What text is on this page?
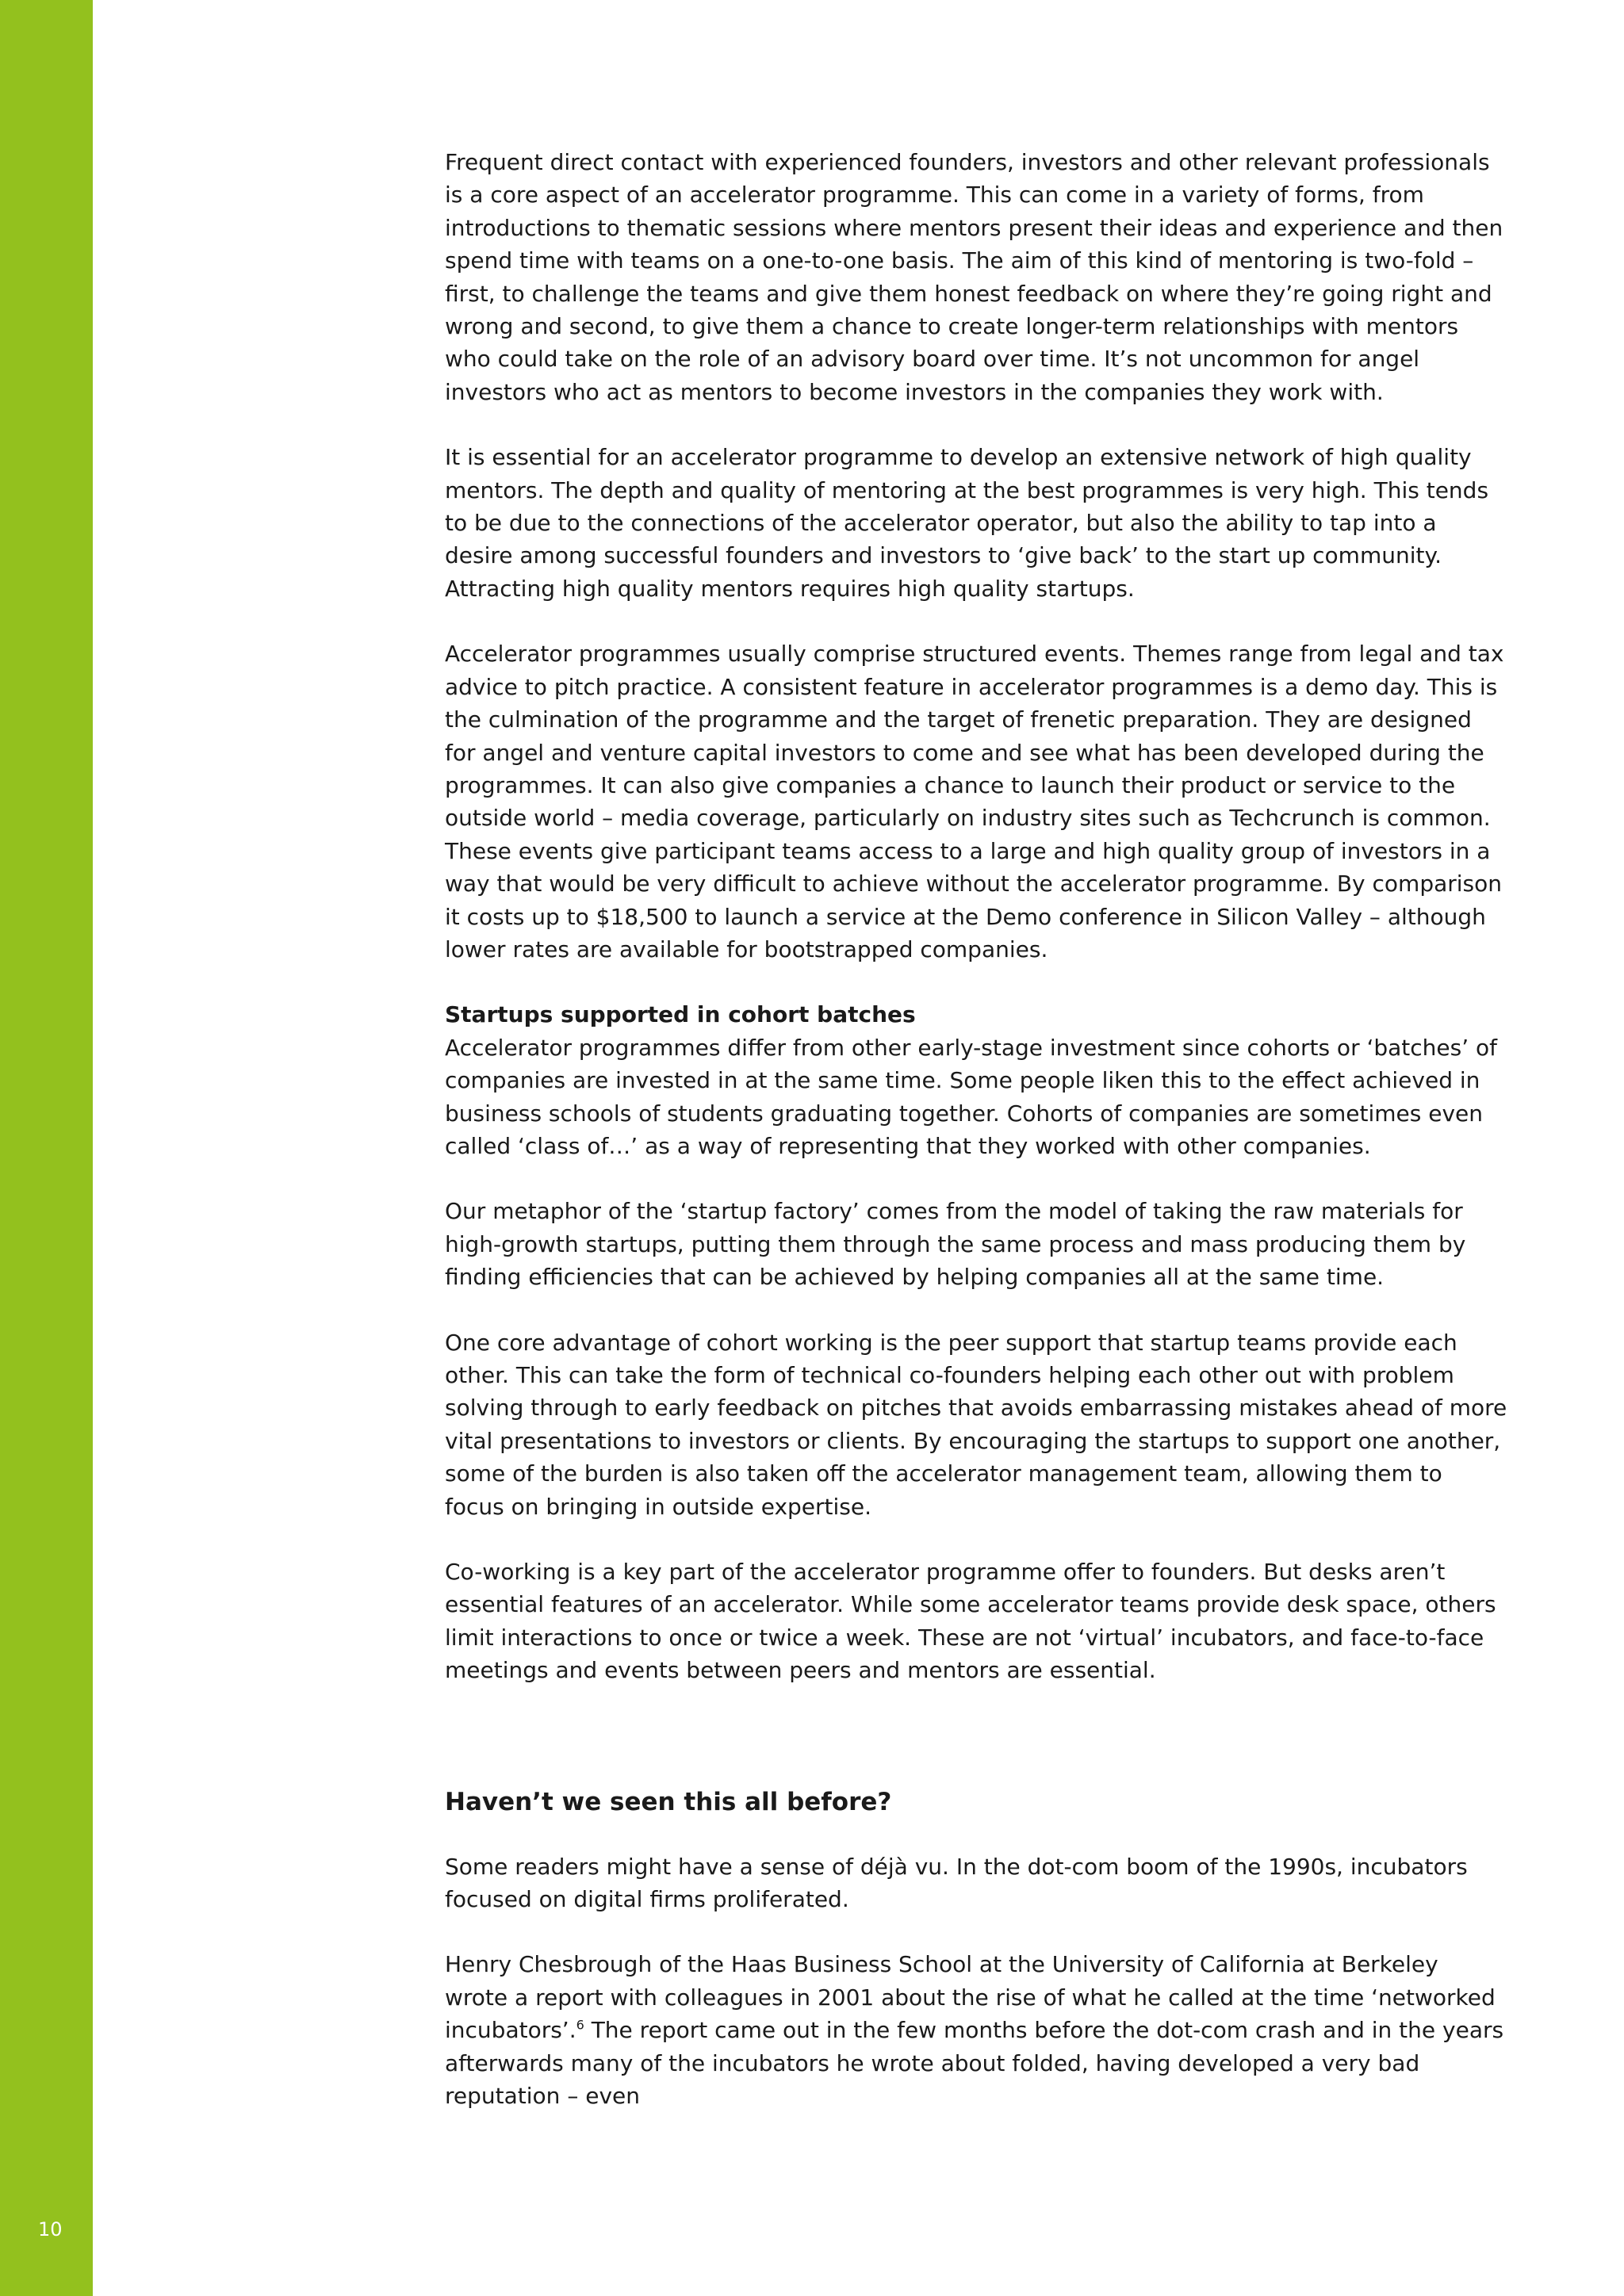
10

Frequent direct contact with experienced founders, investors and other relevant professionals is a core aspect of an accelerator programme. This can come in a variety of forms, from introductions to thematic sessions where mentors present their ideas and experience and then spend time with teams on a one-to-one basis. The aim of this kind of mentoring is two-fold – first, to challenge the teams and give them honest feedback on where they’re going right and wrong and second, to give them a chance to create longer-term relationships with mentors who could take on the role of an advisory board over time. It’s not uncommon for angel investors who act as mentors to become investors in the companies they work with.

It is essential for an accelerator programme to develop an extensive network of high quality mentors. The depth and quality of mentoring at the best programmes is very high. This tends to be due to the connections of the accelerator operator, but also the ability to tap into a desire among successful founders and investors to ‘give back’ to the start up community. Attracting high quality mentors requires high quality startups.

Accelerator programmes usually comprise structured events. Themes range from legal and tax advice to pitch practice. A consistent feature in accelerator programmes is a demo day. This is the culmination of the programme and the target of frenetic preparation. They are designed for angel and venture capital investors to come and see what has been developed during the programmes. It can also give companies a chance to launch their product or service to the outside world – media coverage, particularly on industry sites such as Techcrunch is common. These events give participant teams access to a large and high quality group of investors in a way that would be very difficult to achieve without the accelerator programme. By comparison it costs up to $18,500 to launch a service at the Demo conference in Silicon Valley – although lower rates are available for bootstrapped companies.

Startups supported in cohort batches
Accelerator programmes differ from other early-stage investment since cohorts or ‘batches’ of companies are invested in at the same time. Some people liken this to the effect achieved in business schools of students graduating together. Cohorts of companies are sometimes even called ‘class of…’ as a way of representing that they worked with other companies.

Our metaphor of the ‘startup factory’ comes from the model of taking the raw materials for high-growth startups, putting them through the same process and mass producing them by finding efficiencies that can be achieved by helping companies all at the same time.

One core advantage of cohort working is the peer support that startup teams provide each other. This can take the form of technical co-founders helping each other out with problem solving through to early feedback on pitches that avoids embarrassing mistakes ahead of more vital presentations to investors or clients. By encouraging the startups to support one another, some of the burden is also taken off the accelerator management team, allowing them to focus on bringing in outside expertise.

Co-working is a key part of the accelerator programme offer to founders. But desks aren’t essential features of an accelerator. While some accelerator teams provide desk space, others limit interactions to once or twice a week. These are not ‘virtual’ incubators, and face-to-face meetings and events between peers and mentors are essential.

Haven’t we seen this all before?

Some readers might have a sense of déjà vu. In the dot-com boom of the 1990s, incubators focused on digital firms proliferated.

Henry Chesbrough of the Haas Business School at the University of California at Berkeley wrote a report with colleagues in 2001 about the rise of what he called at the time ‘networked incubators’.$^6$ The report came out in the few months before the dot-com crash and in the years afterwards many of the incubators he wrote about folded, having developed a very bad reputation – even
